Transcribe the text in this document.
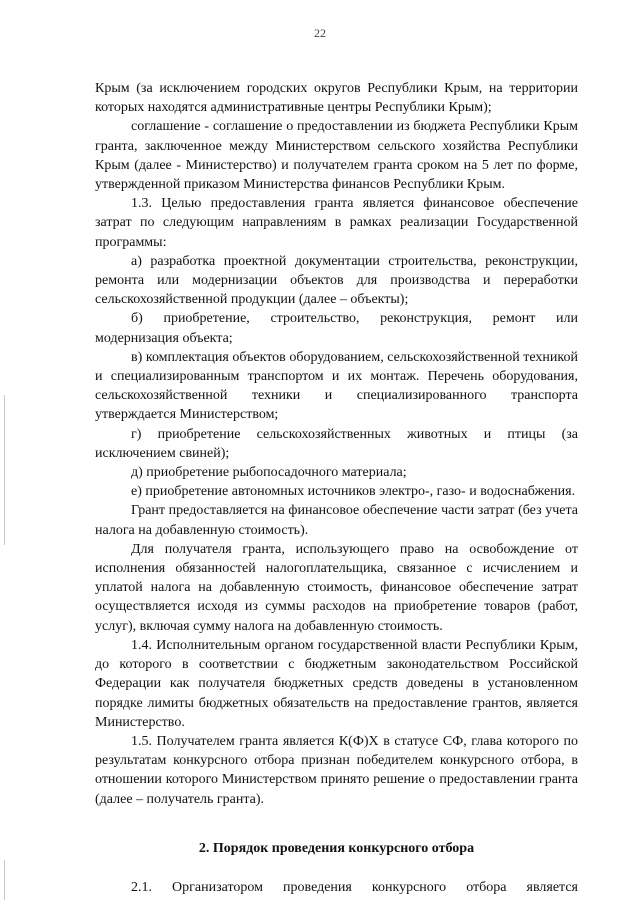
22

Крым (за исключением городских округов Республики Крым, на территории которых находятся административные центры Республики Крым);

соглашение - соглашение о предоставлении из бюджета Республики Крым гранта, заключенное между Министерством сельского хозяйства Республики Крым (далее - Министерство) и получателем гранта сроком на 5 лет по форме, утвержденной приказом Министерства финансов Республики Крым.

1.3. Целью предоставления гранта является финансовое обеспечение затрат по следующим направлениям в рамках реализации Государственной программы:

а) разработка проектной документации строительства, реконструкции, ремонта или модернизации объектов для производства и переработки сельскохозяйственной продукции (далее – объекты);

б) приобретение, строительство, реконструкция, ремонт или модернизация объекта;

в) комплектация объектов оборудованием, сельскохозяйственной техникой и специализированным транспортом и их монтаж. Перечень оборудования, сельскохозяйственной техники и специализированного транспорта утверждается Министерством;

г) приобретение сельскохозяйственных животных и птицы (за исключением свиней);

д) приобретение рыбопосадочного материала;

е) приобретение автономных источников электро-, газо- и водоснабжения.

Грант предоставляется на финансовое обеспечение части затрат (без учета налога на добавленную стоимость).

Для получателя гранта, использующего право на освобождение от исполнения обязанностей налогоплательщика, связанное с исчислением и уплатой налога на добавленную стоимость, финансовое обеспечение затрат осуществляется исходя из суммы расходов на приобретение товаров (работ, услуг), включая сумму налога на добавленную стоимость.

1.4. Исполнительным органом государственной власти Республики Крым, до которого в соответствии с бюджетным законодательством Российской Федерации как получателя бюджетных средств доведены в установленном порядке лимиты бюджетных обязательств на предоставление грантов, является Министерство.

1.5. Получателем гранта является К(Ф)Х в статусе СФ, глава которого по результатам конкурсного отбора признан победителем конкурсного отбора, в отношении которого Министерством принято решение о предоставлении гранта (далее – получатель гранта).

2. Порядок проведения конкурсного отбора

2.1. Организатором проведения конкурсного отбора является
